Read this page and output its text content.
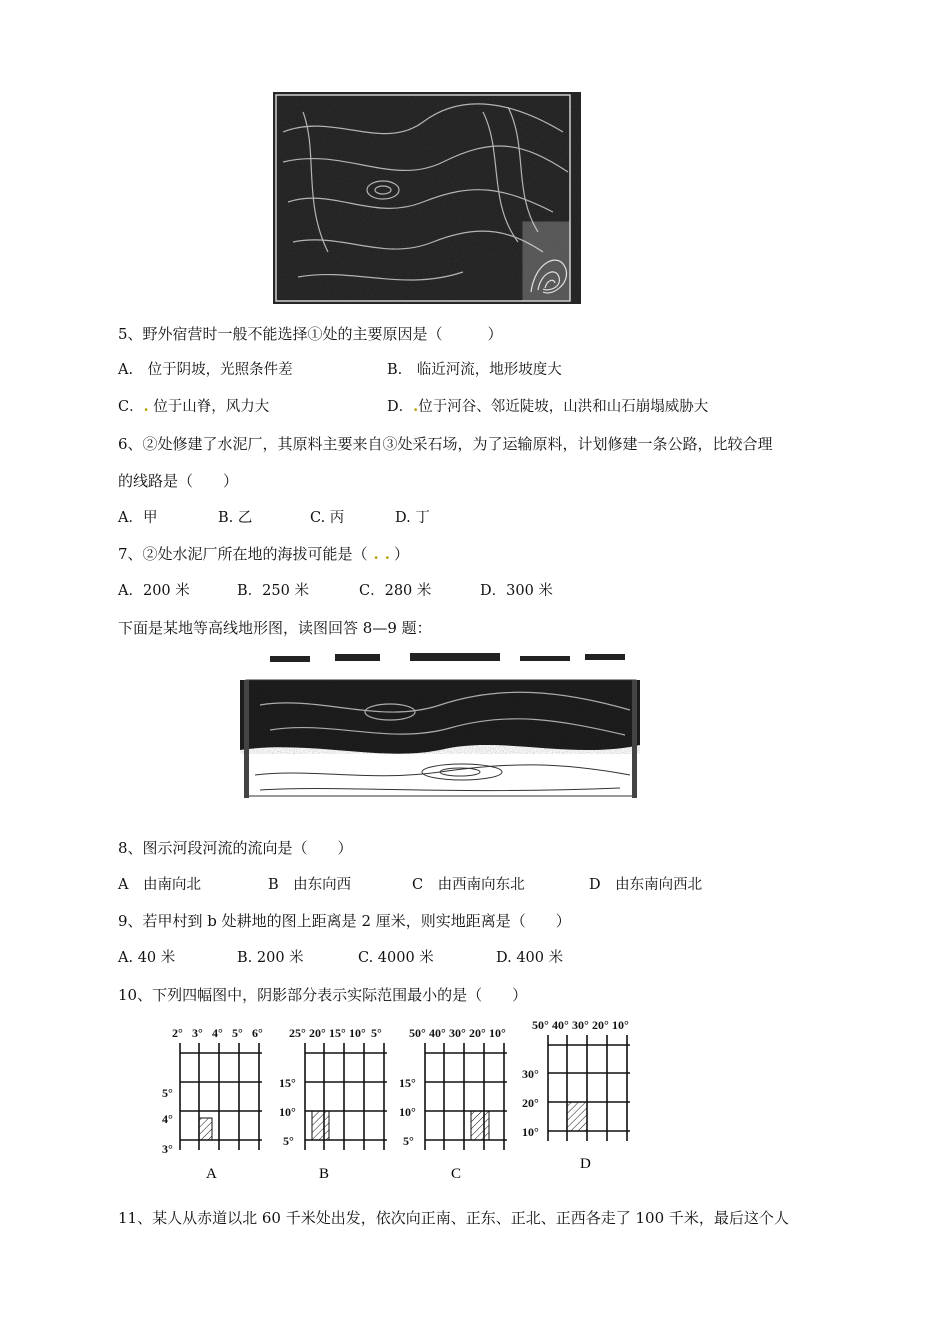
5、野外宿营时一般不能选择①处的主要原因是（　　　）
A.　位于阴坡，光照条件差	B.　临近河流，地形坡度大
C．. 位于山脊，风力大	D．.位于河谷、邻近陡坡，山洪和山石崩塌威胁大
6、②处修建了水泥厂，其原料主要来自③处采石场，为了运输原料，计划修建一条公路，比较合理
的线路是（　　）
A．甲	B. 乙	C. 丙	D. 丁
7、②处水泥厂所在地的海拔可能是（ . . ）
A．200 米	B．250 米	C．280 米	D．300 米
下面是某地等高线地形图，读图回答 8—9 题：
8、图示河段河流的流向是（　　）
A　由南向北	B　由东向西	C　由西南向东北	D　由东南向西北
9、若甲村到 b 处耕地的图上距离是 2 厘米，则实地距离是（　　）
A. 40 米	B. 200 米	C. 4000 米	D. 400 米
10、下列四幅图中，阴影部分表示实际范围最小的是（　　）
2° 3° 4° 5° 6°
5°
4°
3°
A
25° 20° 15° 10° 5°
15°
10°
5°
B
50° 40° 30° 20° 10°
15°
10°
5°
C
50° 40° 30° 20° 10°
30°
20°
10°
D
11、某人从赤道以北 60 千米处出发，依次向正南、正东、正北、正西各走了 100 千米，最后这个人
